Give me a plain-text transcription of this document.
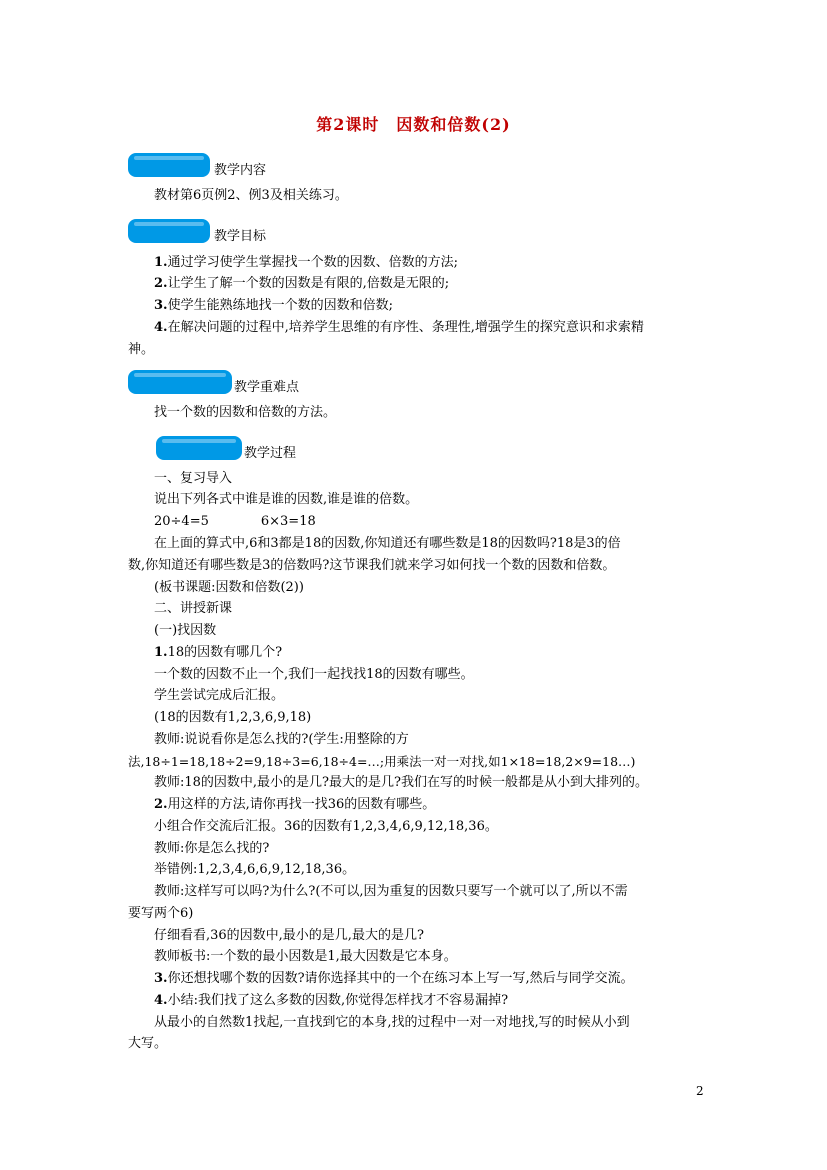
第2课时　因数和倍数(2)
教学内容
教材第6页例2、例3及相关练习。
教学目标
1.通过学习使学生掌握找一个数的因数、倍数的方法;
2.让学生了解一个数的因数是有限的,倍数是无限的;
3.使学生能熟练地找一个数的因数和倍数;
4.在解决问题的过程中,培养学生思维的有序性、条理性,增强学生的探究意识和求索精
神。
教学重难点
找一个数的因数和倍数的方法。
教学过程
一、复习导入
说出下列各式中谁是谁的因数,谁是谁的倍数。
20÷4=5　　　　6×3=18
在上面的算式中,6和3都是18的因数,你知道还有哪些数是18的因数吗?18是3的倍
数,你知道还有哪些数是3的倍数吗?这节课我们就来学习如何找一个数的因数和倍数。
(板书课题:因数和倍数(2))
二、讲授新课
(一)找因数
1.18的因数有哪几个?
一个数的因数不止一个,我们一起找找18的因数有哪些。
学生尝试完成后汇报。
(18的因数有1,2,3,6,9,18)
教师:说说看你是怎么找的?(学生:用整除的方
法,18÷1=18,18÷2=9,18÷3=6,18÷4=…;用乘法一对一对找,如1×18=18,2×9=18…)
教师:18的因数中,最小的是几?最大的是几?我们在写的时候一般都是从小到大排列的。
2.用这样的方法,请你再找一找36的因数有哪些。
小组合作交流后汇报。36的因数有1,2,3,4,6,9,12,18,36。
教师:你是怎么找的?
举错例:1,2,3,4,6,6,9,12,18,36。
教师:这样写可以吗?为什么?(不可以,因为重复的因数只要写一个就可以了,所以不需
要写两个6)
仔细看看,36的因数中,最小的是几,最大的是几?
教师板书:一个数的最小因数是1,最大因数是它本身。
3.你还想找哪个数的因数?请你选择其中的一个在练习本上写一写,然后与同学交流。
4.小结:我们找了这么多数的因数,你觉得怎样找才不容易漏掉?
从最小的自然数1找起,一直找到它的本身,找的过程中一对一对地找,写的时候从小到
大写。
2
